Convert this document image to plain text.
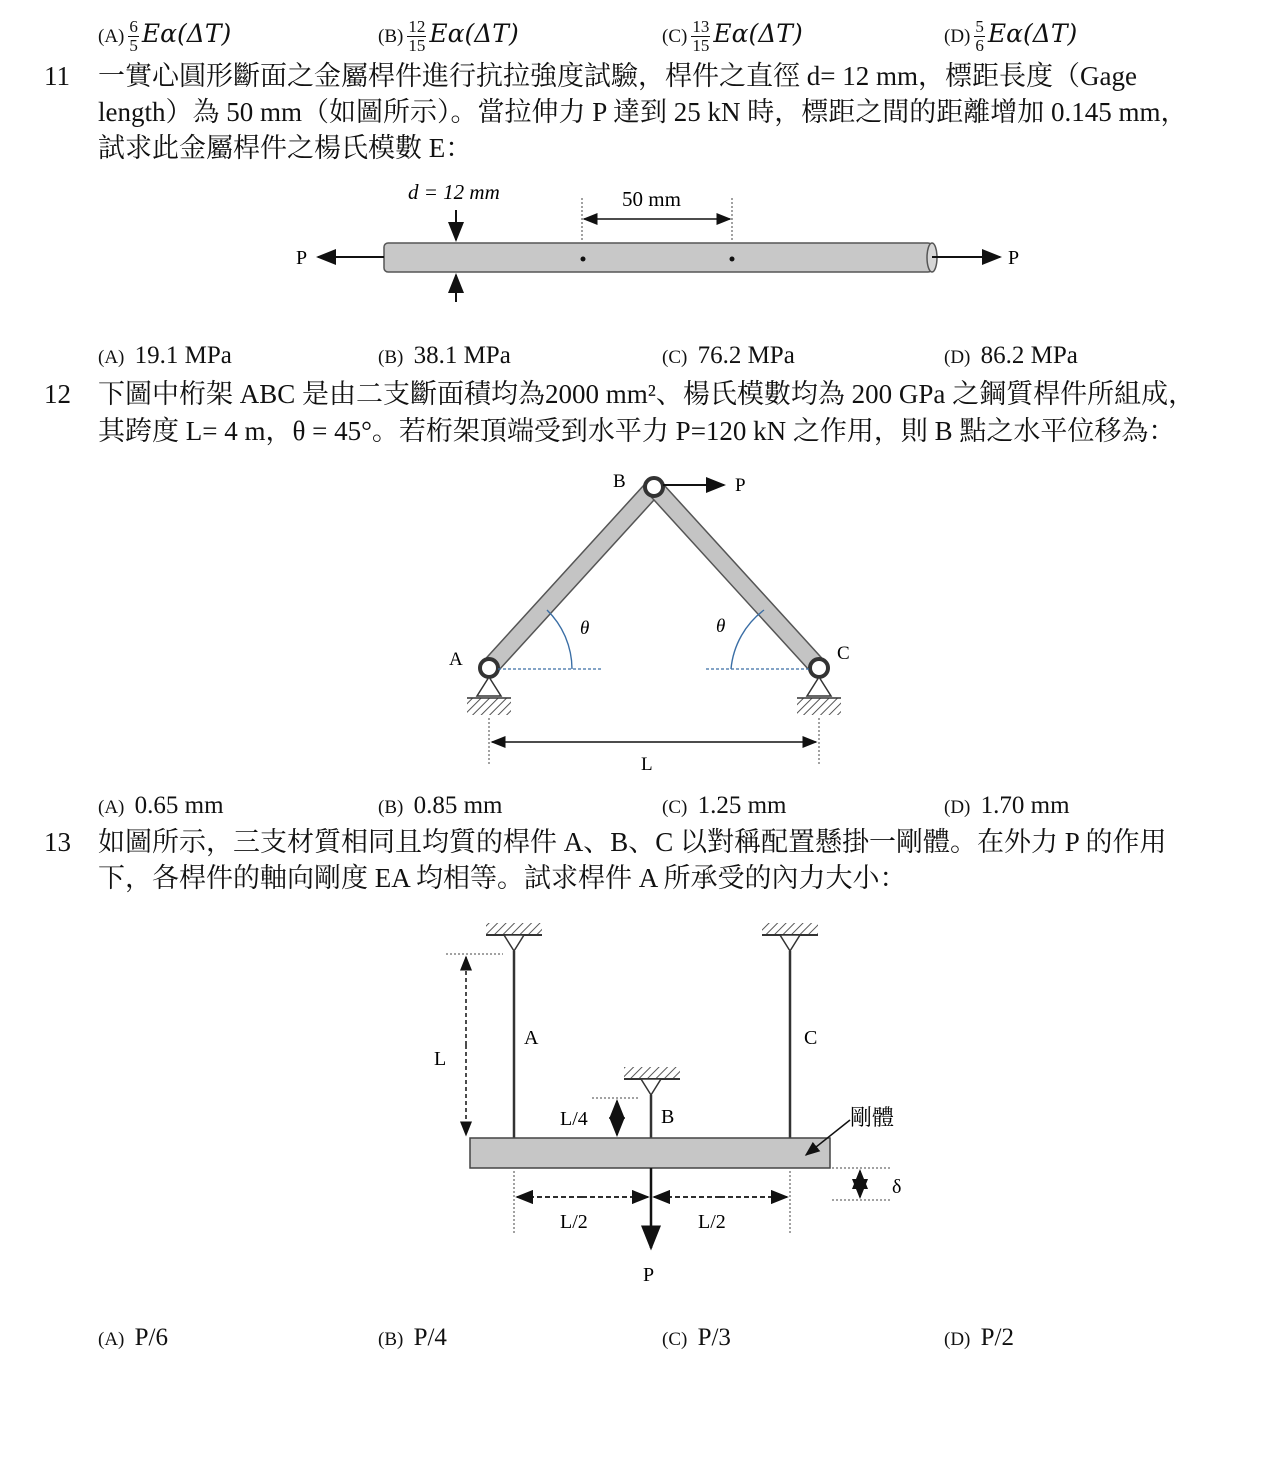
$(A) \frac{6}{5} E\alpha(\Delta T)$	$(B) \frac{12}{15} E\alpha(\Delta T)$	$(C) \frac{13}{15} E\alpha(\Delta T)$	$(D) \frac{5}{6} E\alpha(\Delta T)$
11 一實心圓形斷面之金屬桿件進行抗拉強度試驗，桿件之直徑 d= 12 mm，標距長度（Gage
length）為 50 mm（如圖所示）。當拉伸力 P 達到 25 kN 時，標距之間的距離增加 0.145 mm，
試求此金屬桿件之楊氏模數 E：
P	P
d = 12 mm	50 mm
(A) 19.1 MPa	(B) 38.1 MPa	(C) 76.2 MPa	(D) 86.2 MPa
12 下圖中桁架 ABC 是由二支斷面積均為2000 mm²、楊氏模數均為 200 GPa 之鋼質桿件所組成，
其跨度 L= 4 m，θ = 45°。若桁架頂端受到水平力 P=120 kN 之作用，則 B 點之水平位移為：
P
B
A	C
θ	θ
L
(A) 0.65 mm	(B) 0.85 mm	(C) 1.25 mm	(D) 1.70 mm
13 如圖所示，三支材質相同且均質的桿件 A、B、C 以對稱配置懸掛一剛體。在外力 P 的作用
下，各桿件的軸向剛度 EA 均相等。試求桿件 A 所承受的內力大小：
A
B
C
L
L/4
P
L/2	L/2
δ
剛體
(A) P/6	(B) P/4	(C) P/3	(D) P/2
